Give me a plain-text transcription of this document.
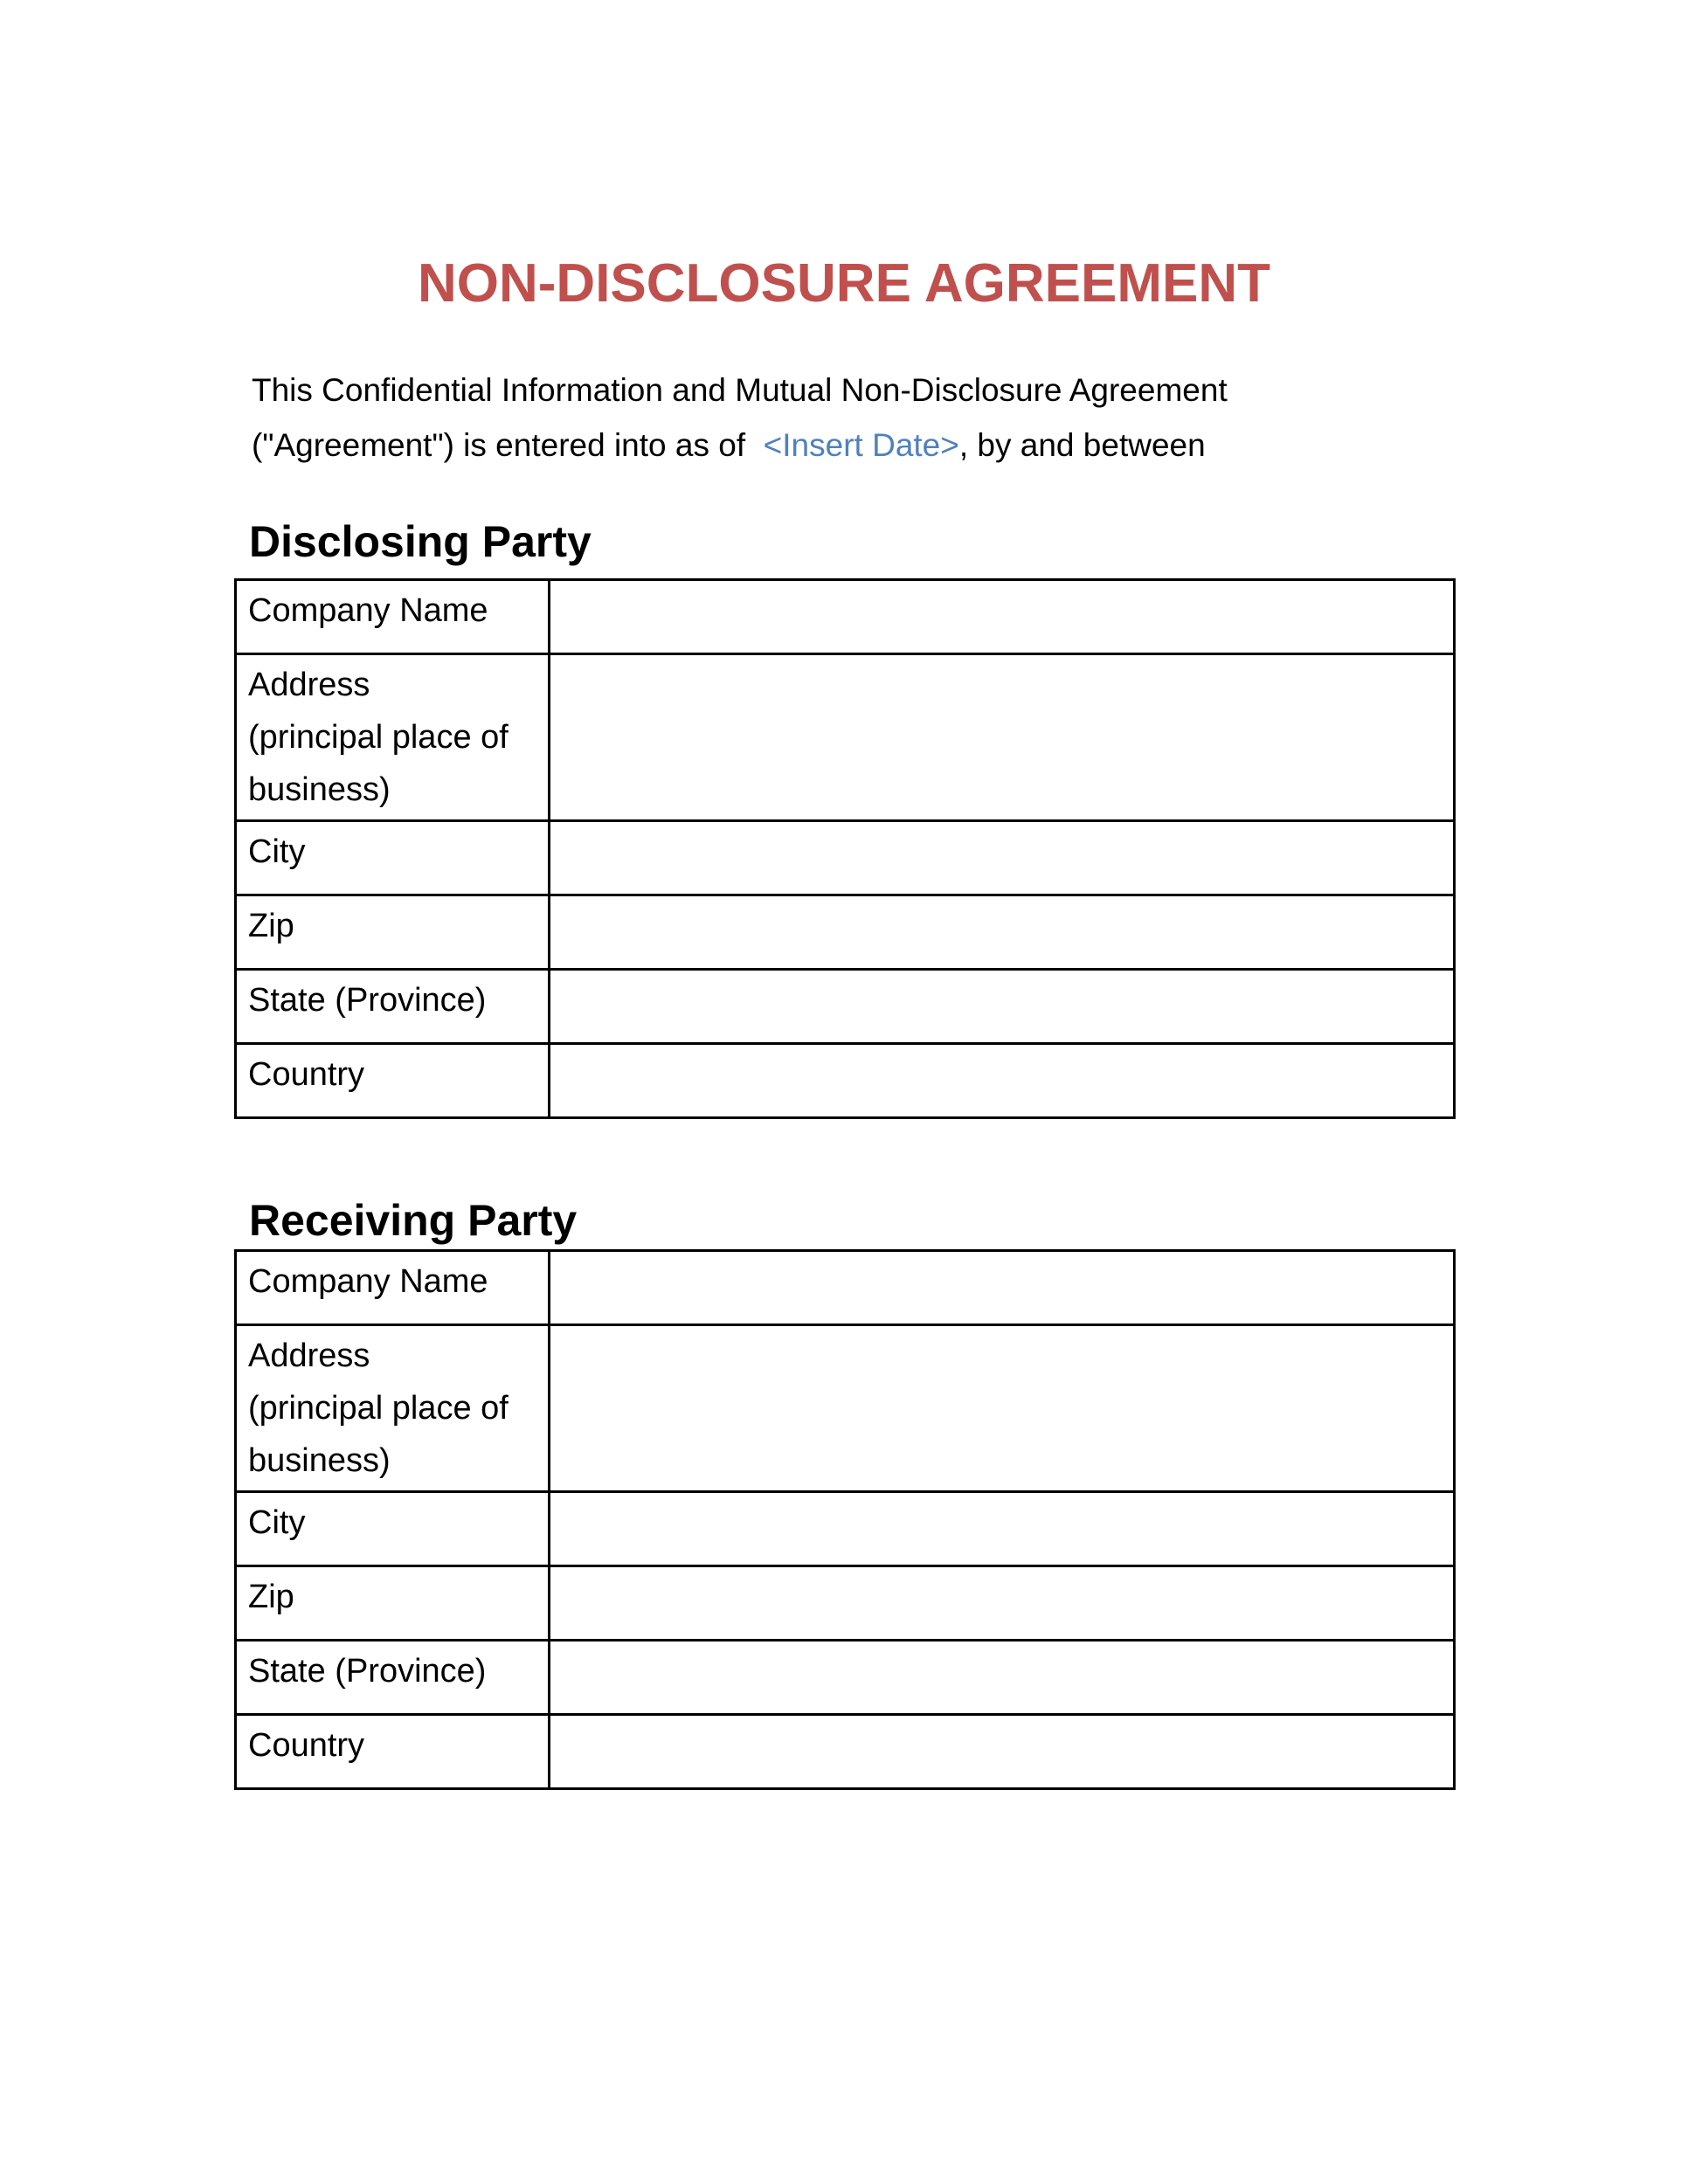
NON-DISCLOSURE AGREEMENT

This Confidential Information and Mutual Non-Disclosure Agreement ("Agreement") is entered into as of  <Insert Date>, by and between

Disclosing Party
Company Name	
Address
(principal place of business)	

City	
Zip	
State (Province)	
Country	
Receiving Party
Company Name	
Address
(principal place of business)	

City	
Zip	
State (Province)	
Country	
